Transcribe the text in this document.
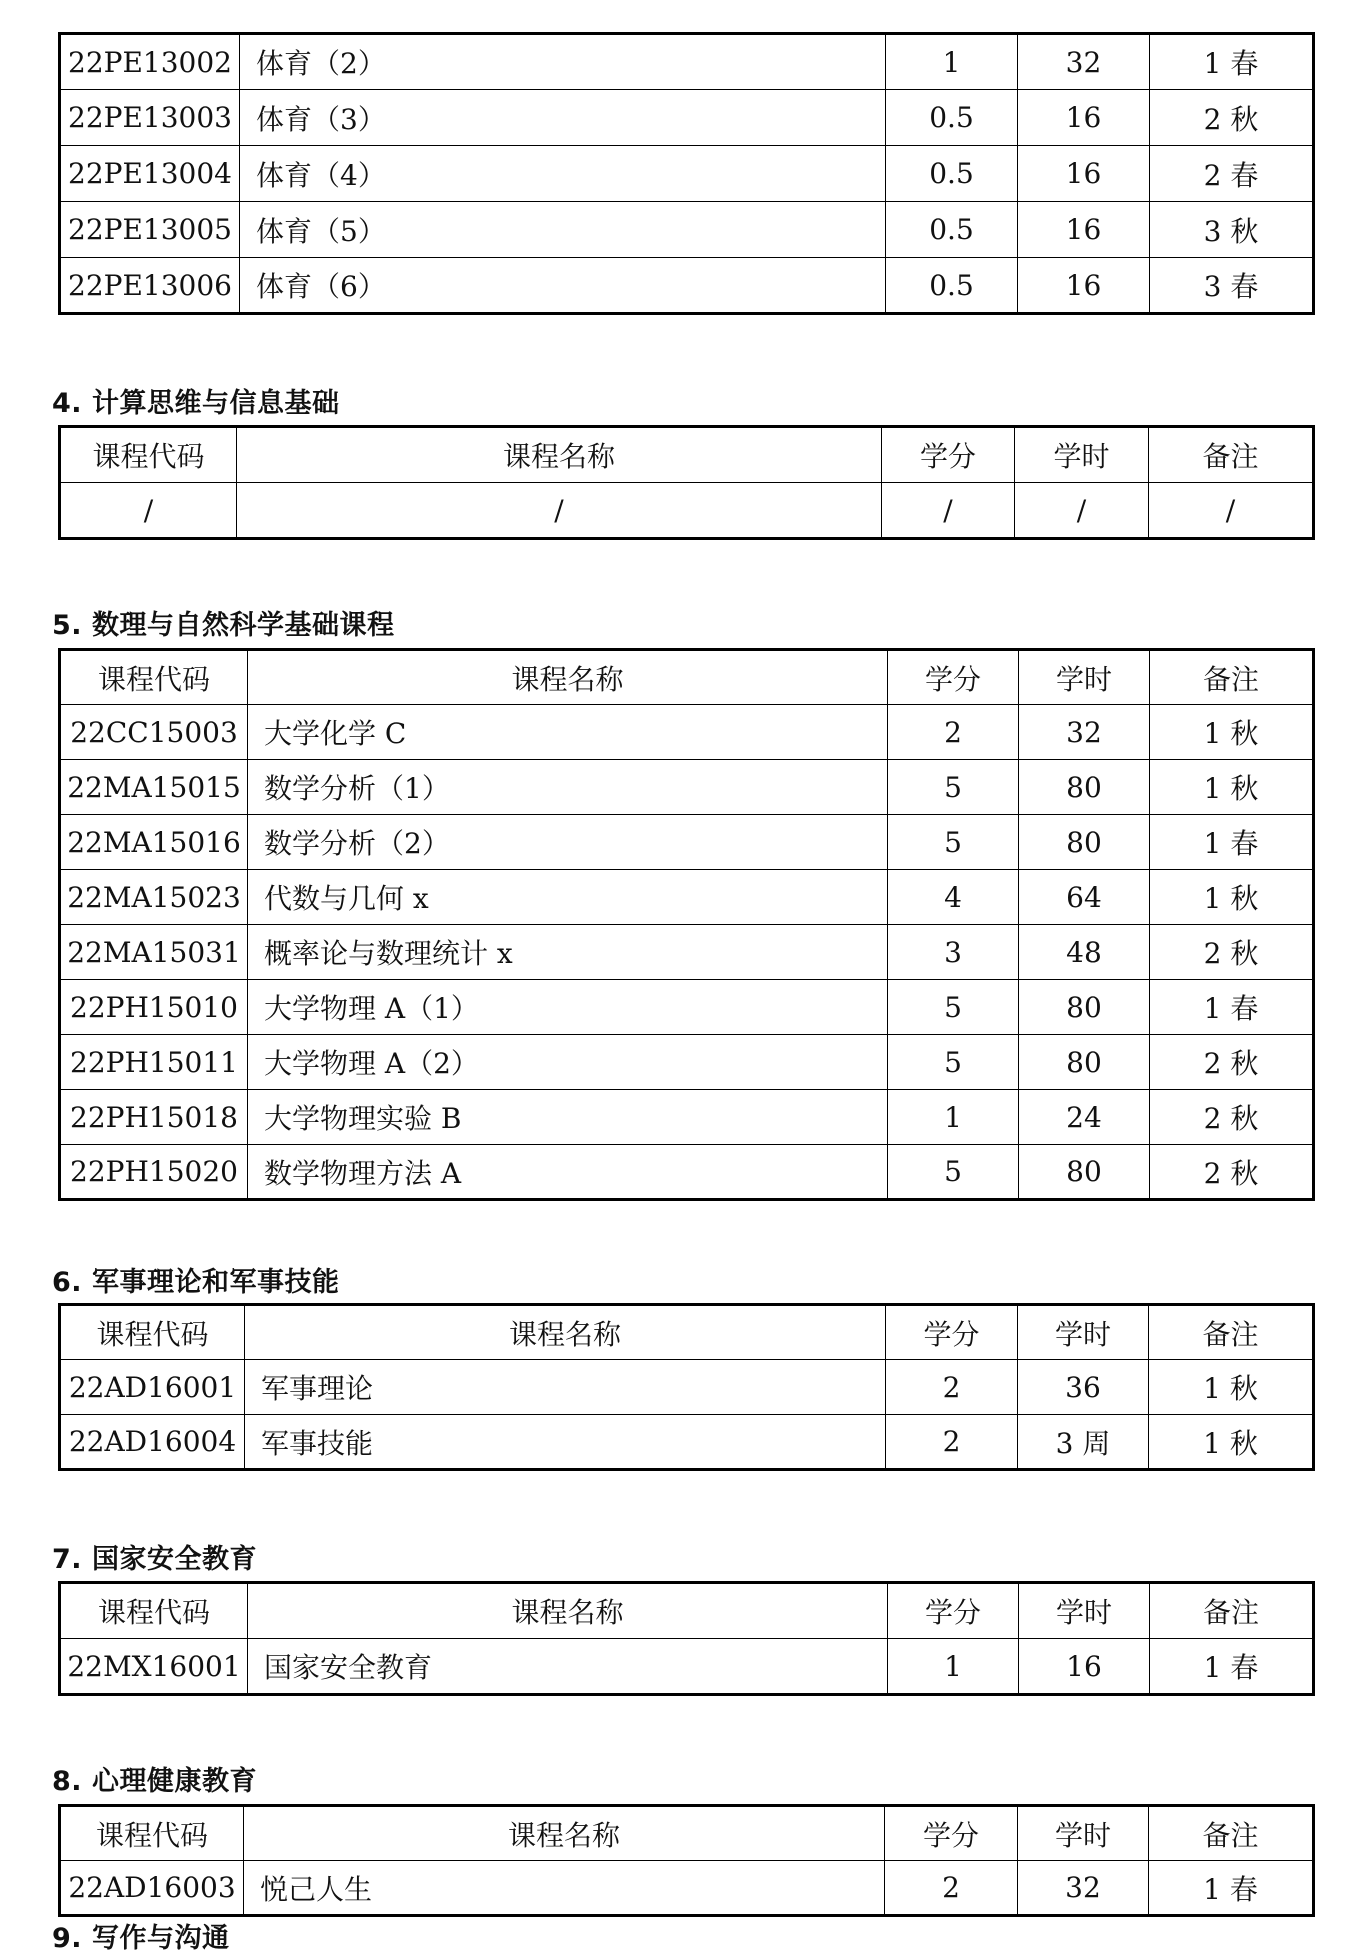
22PE13002	体育（2）	1	32	1 春
22PE13003	体育（3）	0.5	16	2 秋
22PE13004	体育（4）	0.5	16	2 春
22PE13005	体育（5）	0.5	16	3 秋
22PE13006	体育（6）	0.5	16	3 春
4. 计算思维与信息基础
课程代码	课程名称	学分	学时	备注
/	/	/	/	/
5. 数理与自然科学基础课程
课程代码	课程名称	学分	学时	备注
22CC15003	大学化学 C	2	32	1 秋
22MA15015	数学分析（1）	5	80	1 秋
22MA15016	数学分析（2）	5	80	1 春
22MA15023	代数与几何 x	4	64	1 秋
22MA15031	概率论与数理统计 x	3	48	2 秋
22PH15010	大学物理 A（1）	5	80	1 春
22PH15011	大学物理 A（2）	5	80	2 秋
22PH15018	大学物理实验 B	1	24	2 秋
22PH15020	数学物理方法 A	5	80	2 秋
6. 军事理论和军事技能
课程代码	课程名称	学分	学时	备注
22AD16001	军事理论	2	36	1 秋
22AD16004	军事技能	2	3 周	1 秋
7. 国家安全教育
课程代码	课程名称	学分	学时	备注
22MX16001	国家安全教育	1	16	1 春
8. 心理健康教育
课程代码	课程名称	学分	学时	备注
22AD16003	悦己人生	2	32	1 春
9. 写作与沟通
